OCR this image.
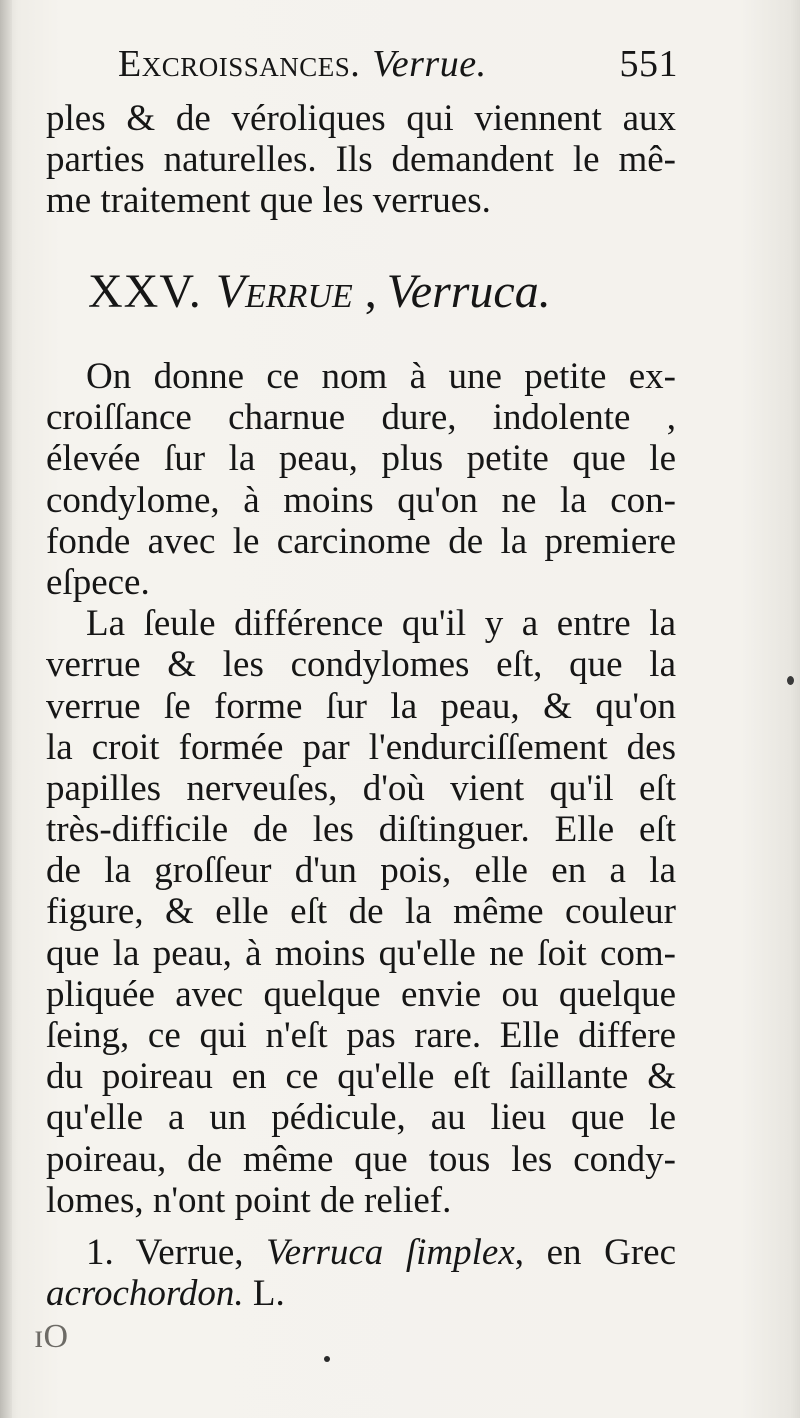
Excroissances. Verrue.	551
ples & de véroliques qui viennent aux
parties naturelles. Ils demandent le mê-
me traitement que les verrues.
XXV. Verrue , Verruca.
On donne ce nom à une petite ex-
croiſſance charnue dure, indolente ,
élevée ſur la peau, plus petite que le
condylome, à moins qu'on ne la con-
fonde avec le carcinome de la premiere
eſpece.
La ſeule différence qu'il y a entre la
verrue & les condylomes eſt, que la
verrue ſe forme ſur la peau, & qu'on
la croit formée par l'endurciſſement des
papilles nerveuſes, d'où vient qu'il eſt
très-difficile de les diſtinguer. Elle eſt
de la groſſeur d'un pois, elle en a la
figure, & elle eſt de la même couleur
que la peau, à moins qu'elle ne ſoit com-
pliquée avec quelque envie ou quelque
ſeing, ce qui n'eſt pas rare. Elle differe
du poireau en ce qu'elle eſt ſaillante &
qu'elle a un pédicule, au lieu que le
poireau, de même que tous les condy-
lomes, n'ont point de relief.
1. Verrue, Verruca ſimplex, en Grec
acrochordon. L.
ɪO
